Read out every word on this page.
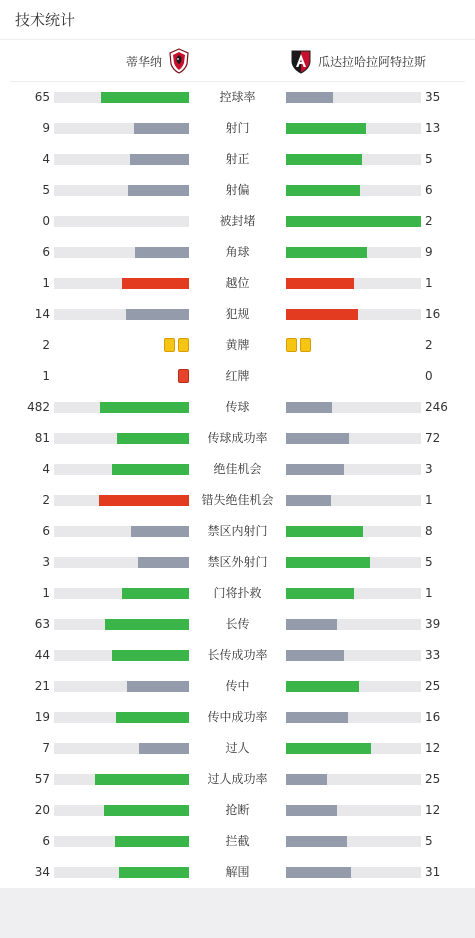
技术统计
蒂华纳	瓜达拉哈拉阿特拉斯
65	控球率	35
9	射门	13
4	射正	5
5	射偏	6
0	被封堵	2
6	角球	9
1	越位	1
14	犯规	16
2	黄牌	2
1	红牌	0
482	传球	246
81	传球成功率	72
4	绝佳机会	3
2	错失绝佳机会	1
6	禁区内射门	8
3	禁区外射门	5
1	门将扑救	1
63	长传	39
44	长传成功率	33
21	传中	25
19	传中成功率	16
7	过人	12
57	过人成功率	25
20	抢断	12
6	拦截	5
34	解围	31
